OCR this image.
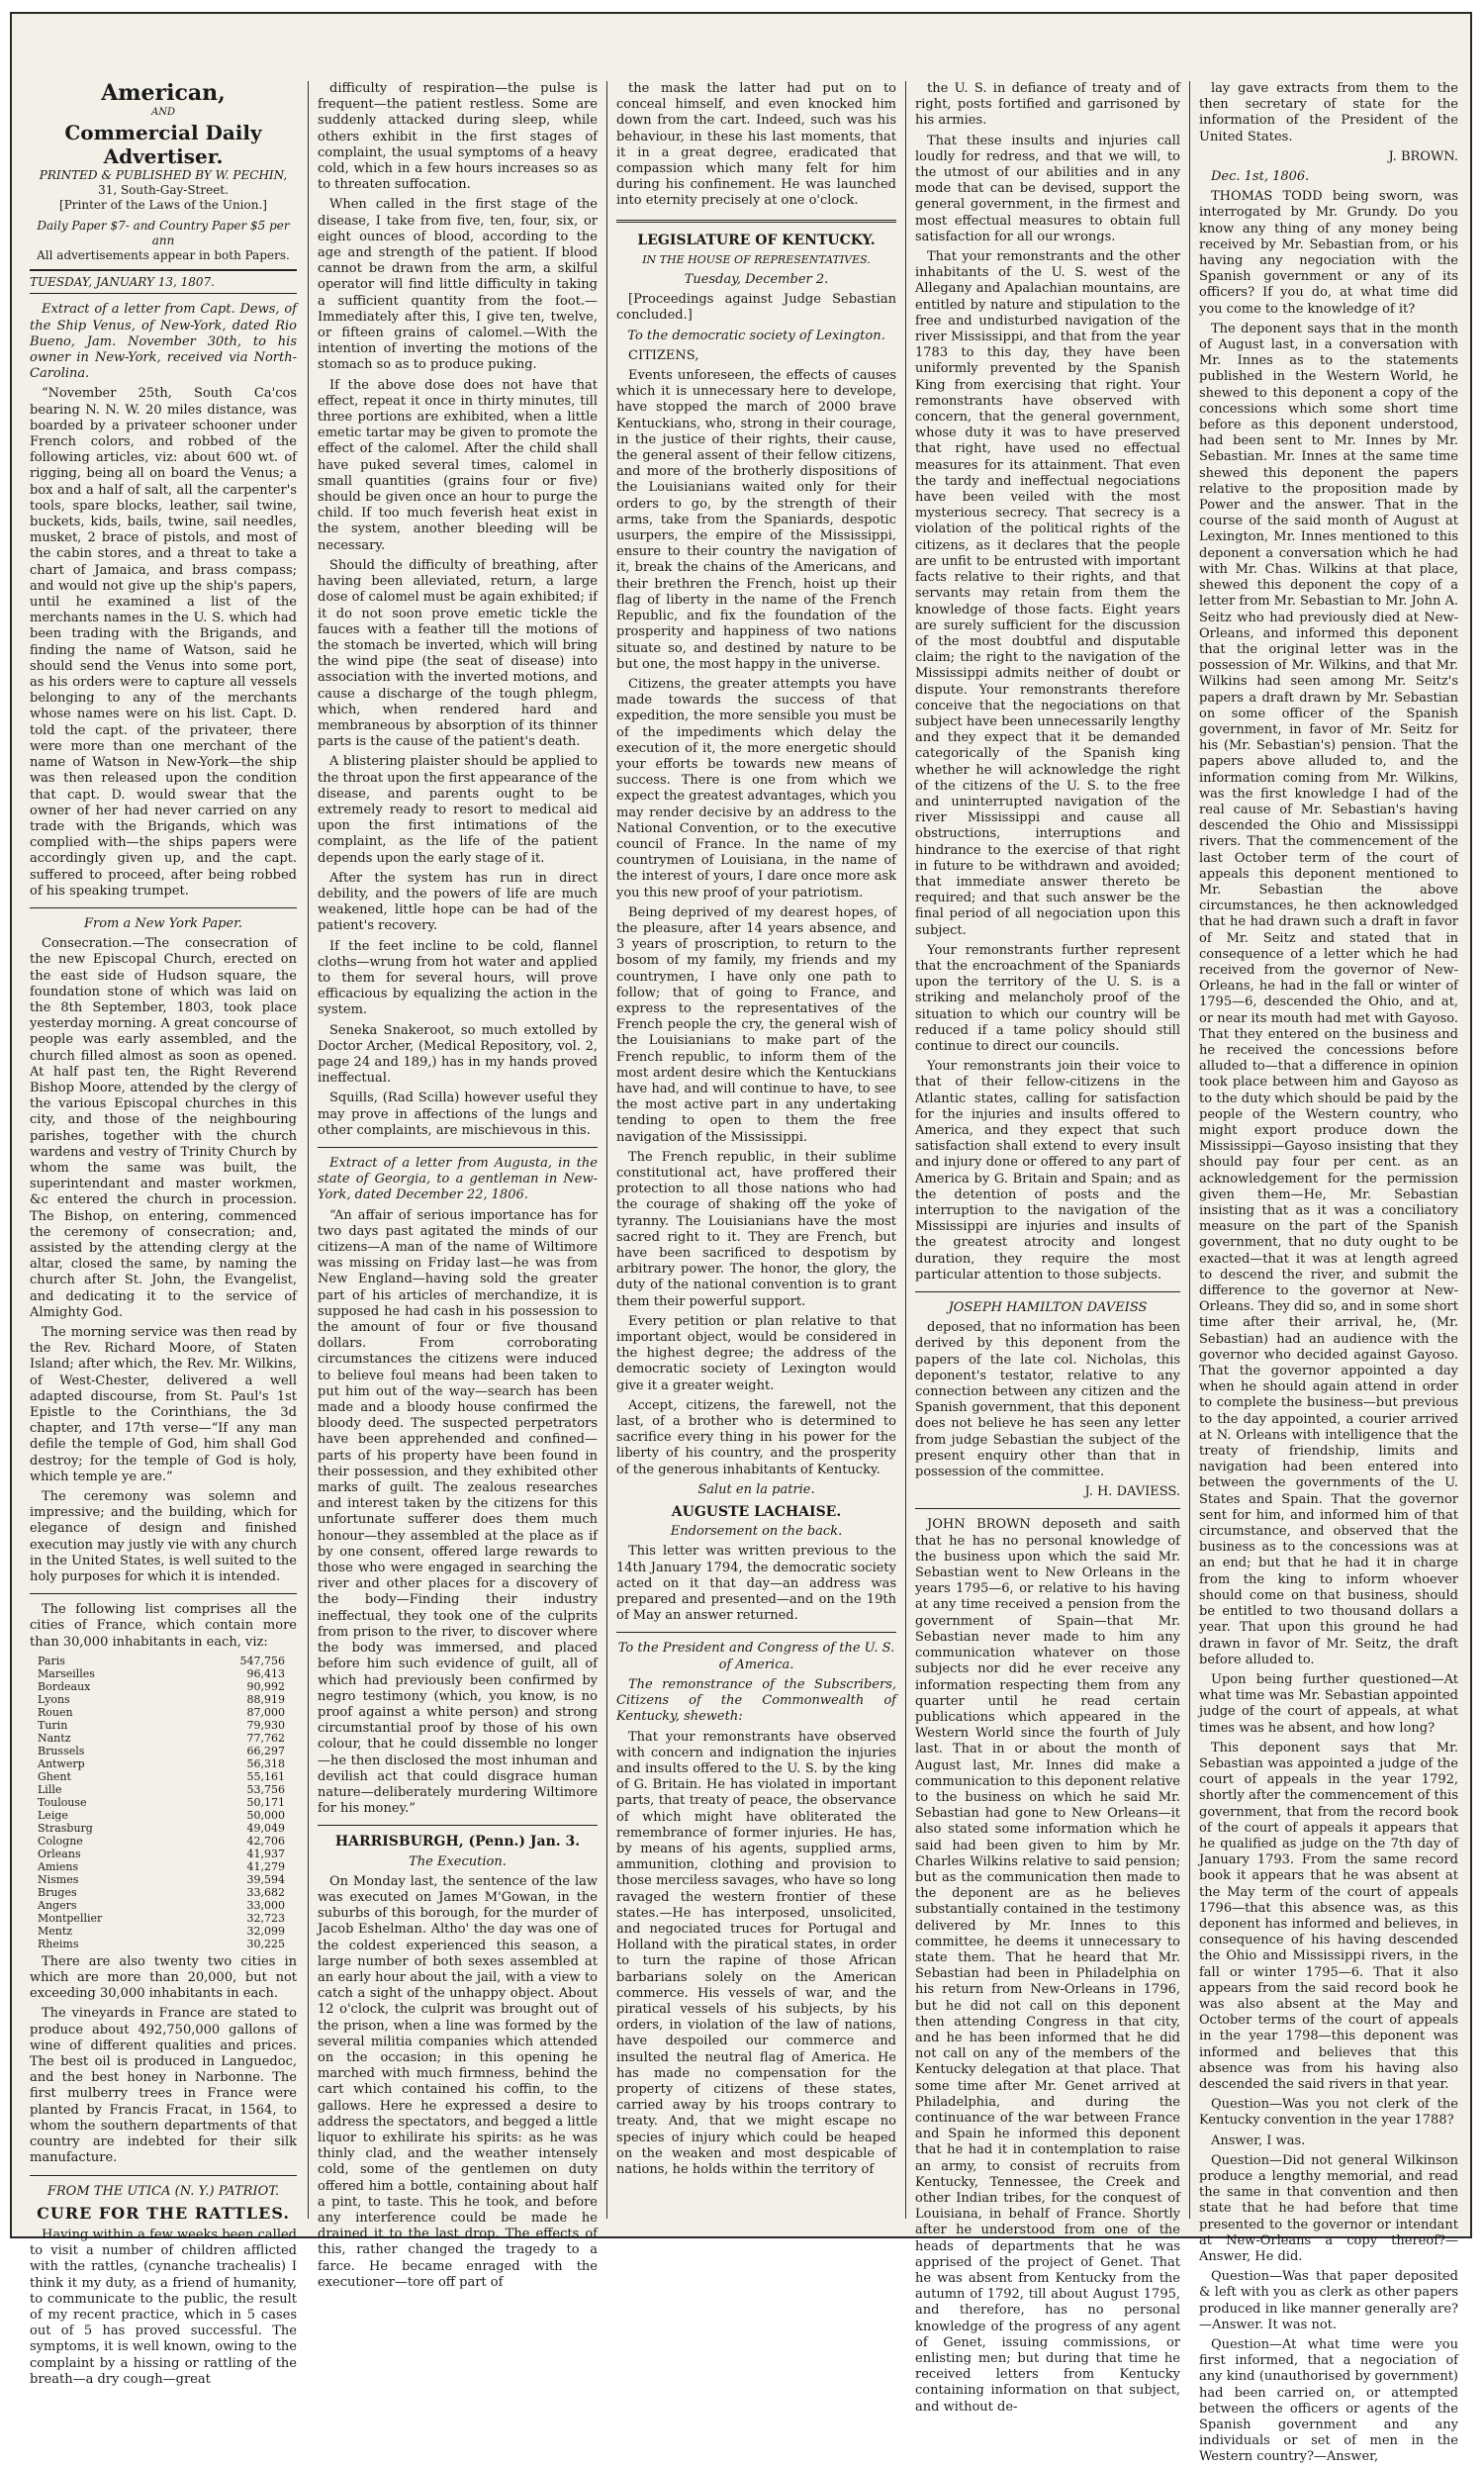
American,
AND
Commercial Daily Advertiser.
PRINTED & PUBLISHED BY W. PECHIN,
31, South-Gay-Street.
[Printer of the Laws of the Union.]
Daily Paper $7- and Country Paper $5 per ann
All advertisements appear in both Papers.
TUESDAY, JANUARY 13, 1807.

Extract of a letter from Capt. Dews, of the Ship Venus, of New-York, dated Rio Bueno, Jam. November 30th, to his owner in New-York, received via North-Carolina.

“November 25th, South Ca'cos bearing N. N. W. 20 miles distance, was boarded by a privateer schooner under French colors, and robbed of the following articles, viz: about 600 wt. of rigging, being all on board the Venus; a box and a half of salt, all the carpenter's tools, spare blocks, leather, sail twine, buckets, kids, bails, twine, sail needles, musket, 2 brace of pistols, and most of the cabin stores, and a threat to take a chart of Jamaica, and brass compass; and would not give up the ship's papers, until he examined a list of the merchants names in the U. S. which had been trading with the Brigands, and finding the name of Watson, said he should send the Venus into some port, as his orders were to capture all vessels belonging to any of the merchants whose names were on his list. Capt. D. told the capt. of the privateer, there were more than one merchant of the name of Watson in New-York—the ship was then released upon the condition that capt. D. would swear that the owner of her had never carried on any trade with the Brigands, which was complied with—the ships papers were accordingly given up, and the capt. suffered to proceed, after being robbed of his speaking trumpet.

From a New York Paper.

Consecration.—The consecration of the new Episcopal Church, erected on the east side of Hudson square, the foundation stone of which was laid on the 8th September, 1803, took place yesterday morning. A great concourse of people was early assembled, and the church filled almost as soon as opened. At half past ten, the Right Reverend Bishop Moore, attended by the clergy of the various Episcopal churches in this city, and those of the neighbouring parishes, together with the church wardens and vestry of Trinity Church by whom the same was built, the superintendant and master workmen, &c entered the church in procession. The Bishop, on entering, commenced the ceremony of consecration; and, assisted by the attending clergy at the altar, closed the same, by naming the church after St. John, the Evangelist, and dedicating it to the service of Almighty God.

The morning service was then read by the Rev. Richard Moore, of Staten Island; after which, the Rev. Mr. Wilkins, of West-Chester, delivered a well adapted discourse, from St. Paul's 1st Epistle to the Corinthians, the 3d chapter, and 17th verse—“If any man defile the temple of God, him shall God destroy; for the temple of God is holy, which temple ye are.”

The ceremony was solemn and impressive; and the building, which for elegance of design and finished execution may justly vie with any church in the United States, is well suited to the holy purposes for which it is intended.

The following list comprises all the cities of France, which contain more than 30,000 inhabitants in each, viz:

Paris	547,756
Marseilles	96,413
Bordeaux	90,992
Lyons	88,919
Rouen	87,000
Turin	79,930
Nantz	77,762
Brussels	66,297
Antwerp	56,318
Ghent	55,161
Lille	53,756
Toulouse	50,171
Leige	50,000
Strasburg	49,049
Cologne	42,706
Orleans	41,937
Amiens	41,279
Nismes	39,594
Bruges	33,682
Angers	33,000
Montpellier	32,723
Mentz	32,099
Rheims	30,225

There are also twenty two cities in which are more than 20,000, but not exceeding 30,000 inhabitants in each.

The vineyards in France are stated to produce about 492,750,000 gallons of wine of different qualities and prices. The best oil is produced in Languedoc, and the best honey in Narbonne. The first mulberry trees in France were planted by Francis Fracat, in 1564, to whom the southern departments of that country are indebted for their silk manufacture.

FROM THE UTICA (N. Y.) PATRIOT.
CURE FOR THE RATTLES.

Having within a few weeks been called to visit a number of children afflicted with the rattles, (cynanche trachealis) I think it my duty, as a friend of humanity, to communicate to the public, the result of my recent practice, which in 5 cases out of 5 has proved successful. The symptoms, it is well known, owing to the complaint by a hissing or rattling of the breath—a dry cough—great

difficulty of respiration—the pulse is frequent—the patient restless. Some are suddenly attacked during sleep, while others exhibit in the first stages of complaint, the usual symptoms of a heavy cold, which in a few hours increases so as to threaten suffocation.

When called in the first stage of the disease, I take from five, ten, four, six, or eight ounces of blood, according to the age and strength of the patient. If blood cannot be drawn from the arm, a skilful operator will find little difficulty in taking a sufficient quantity from the foot.—Immediately after this, I give ten, twelve, or fifteen grains of calomel.—With the intention of inverting the motions of the stomach so as to produce puking.

If the above dose does not have that effect, repeat it once in thirty minutes, till three portions are exhibited, when a little emetic tartar may be given to promote the effect of the calomel. After the child shall have puked several times, calomel in small quantities (grains four or five) should be given once an hour to purge the child. If too much feverish heat exist in the system, another bleeding will be necessary.

Should the difficulty of breathing, after having been alleviated, return, a large dose of calomel must be again exhibited; if it do not soon prove emetic tickle the fauces with a feather till the motions of the stomach be inverted, which will bring the wind pipe (the seat of disease) into association with the inverted motions, and cause a discharge of the tough phlegm, which, when rendered hard and membraneous by absorption of its thinner parts is the cause of the patient's death.

A blistering plaister should be applied to the throat upon the first appearance of the disease, and parents ought to be extremely ready to resort to medical aid upon the first intimations of the complaint, as the life of the patient depends upon the early stage of it.

After the system has run in direct debility, and the powers of life are much weakened, little hope can be had of the patient's recovery.

If the feet incline to be cold, flannel cloths—wrung from hot water and applied to them for several hours, will prove efficacious by equalizing the action in the system.

Seneka Snakeroot, so much extolled by Doctor Archer, (Medical Repository, vol. 2, page 24 and 189,) has in my hands proved ineffectual.

Squills, (Rad Scilla) however useful they may prove in affections of the lungs and other complaints, are mischievous in this.

Extract of a letter from Augusta, in the state of Georgia, to a gentleman in New-York, dated December 22, 1806.

“An affair of serious importance has for two days past agitated the minds of our citizens—A man of the name of Wiltimore was missing on Friday last—he was from New England—having sold the greater part of his articles of merchandize, it is supposed he had cash in his possession to the amount of four or five thousand dollars. From corroborating circumstances the citizens were induced to believe foul means had been taken to put him out of the way—search has been made and a bloody house confirmed the bloody deed. The suspected perpetrators have been apprehended and confined—parts of his property have been found in their possession, and they exhibited other marks of guilt. The zealous researches and interest taken by the citizens for this unfortunate sufferer does them much honour—they assembled at the place as if by one consent, offered large rewards to those who were engaged in searching the river and other places for a discovery of the body—Finding their industry ineffectual, they took one of the culprits from prison to the river, to discover where the body was immersed, and placed before him such evidence of guilt, all of which had previously been confirmed by negro testimony (which, you know, is no proof against a white person) and strong circumstantial proof by those of his own colour, that he could dissemble no longer—he then disclosed the most inhuman and devilish act that could disgrace human nature—deliberately murdering Wiltimore for his money.”

HARRISBURGH, (Penn.) Jan. 3.
The Execution.

On Monday last, the sentence of the law was executed on James M'Gowan, in the suburbs of this borough, for the murder of Jacob Eshelman. Altho' the day was one of the coldest experienced this season, a large number of both sexes assembled at an early hour about the jail, with a view to catch a sight of the unhappy object. About 12 o'clock, the culprit was brought out of the prison, when a line was formed by the several militia companies which attended on the occasion; in this opening he marched with much firmness, behind the cart which contained his coffin, to the gallows. Here he expressed a desire to address the spectators, and begged a little liquor to exhilirate his spirits: as he was thinly clad, and the weather intensely cold, some of the gentlemen on duty offered him a bottle, containing about half a pint, to taste. This he took, and before any interference could be made he drained it to the last drop. The effects of this, rather changed the tragedy to a farce. He became enraged with the executioner—tore off part of

the mask the latter had put on to conceal himself, and even knocked him down from the cart. Indeed, such was his behaviour, in these his last moments, that it in a great degree, eradicated that compassion which many felt for him during his confinement. He was launched into eternity precisely at one o'clock.

LEGISLATURE OF KENTUCKY.
IN THE HOUSE OF REPRESENTATIVES.
Tuesday, December 2.

[Proceedings against Judge Sebastian concluded.]

To the democratic society of Lexington.

CITIZENS,

Events unforeseen, the effects of causes which it is unnecessary here to develope, have stopped the march of 2000 brave Kentuckians, who, strong in their courage, in the justice of their rights, their cause, the general assent of their fellow citizens, and more of the brotherly dispositions of the Louisianians waited only for their orders to go, by the strength of their arms, take from the Spaniards, despotic usurpers, the empire of the Mississippi, ensure to their country the navigation of it, break the chains of the Americans, and their brethren the French, hoist up their flag of liberty in the name of the French Republic, and fix the foundation of the prosperity and happiness of two nations situate so, and destined by nature to be but one, the most happy in the universe.

Citizens, the greater attempts you have made towards the success of that expedition, the more sensible you must be of the impediments which delay the execution of it, the more energetic should your efforts be towards new means of success. There is one from which we expect the greatest advantages, which you may render decisive by an address to the National Convention, or to the executive council of France. In the name of my countrymen of Louisiana, in the name of the interest of yours, I dare once more ask you this new proof of your patriotism.

Being deprived of my dearest hopes, of the pleasure, after 14 years absence, and 3 years of proscription, to return to the bosom of my family, my friends and my countrymen, I have only one path to follow; that of going to France, and express to the representatives of the French people the cry, the general wish of the Louisianians to make part of the French republic, to inform them of the most ardent desire which the Kentuckians have had, and will continue to have, to see the most active part in any undertaking tending to open to them the free navigation of the Mississippi.

The French republic, in their sublime constitutional act, have proffered their protection to all those nations who had the courage of shaking off the yoke of tyranny. The Louisianians have the most sacred right to it. They are French, but have been sacrificed to despotism by arbitrary power. The honor, the glory, the duty of the national convention is to grant them their powerful support.

Every petition or plan relative to that important object, would be considered in the highest degree; the address of the democratic society of Lexington would give it a greater weight.

Accept, citizens, the farewell, not the last, of a brother who is determined to sacrifice every thing in his power for the liberty of his country, and the prosperity of the generous inhabitants of Kentucky.

Salut en la patrie.
AUGUSTE LACHAISE.
Endorsement on the back.

This letter was written previous to the 14th January 1794, the democratic society acted on it that day—an address was prepared and presented—and on the 19th of May an answer returned.

To the President and Congress of the U. S. of America.

The remonstrance of the Subscribers, Citizens of the Commonwealth of Kentucky, sheweth:

That your remonstrants have observed with concern and indignation the injuries and insults offered to the U. S. by the king of G. Britain. He has violated in important parts, that treaty of peace, the observance of which might have obliterated the remembrance of former injuries. He has, by means of his agents, supplied arms, ammunition, clothing and provision to those merciless savages, who have so long ravaged the western frontier of these states.—He has interposed, unsolicited, and negociated truces for Portugal and Holland with the piratical states, in order to turn the rapine of those African barbarians solely on the American commerce. His vessels of war, and the piratical vessels of his subjects, by his orders, in violation of the law of nations, have despoiled our commerce and insulted the neutral flag of America. He has made no compensation for the property of citizens of these states, carried away by his troops contrary to treaty. And, that we might escape no species of injury which could be heaped on the weaken and most despicable of nations, he holds within the territory of

the U. S. in defiance of treaty and of right, posts fortified and garrisoned by his armies.

That these insults and injuries call loudly for redress, and that we will, to the utmost of our abilities and in any mode that can be devised, support the general government, in the firmest and most effectual measures to obtain full satisfaction for all our wrongs.

That your remonstrants and the other inhabitants of the U. S. west of the Allegany and Apalachian mountains, are entitled by nature and stipulation to the free and undisturbed navigation of the river Mississippi, and that from the year 1783 to this day, they have been uniformly prevented by the Spanish King from exercising that right. Your remonstrants have observed with concern, that the general government, whose duty it was to have preserved that right, have used no effectual measures for its attainment. That even the tardy and ineffectual negociations have been veiled with the most mysterious secrecy. That secrecy is a violation of the political rights of the citizens, as it declares that the people are unfit to be entrusted with important facts relative to their rights, and that servants may retain from them the knowledge of those facts. Eight years are surely sufficient for the discussion of the most doubtful and disputable claim; the right to the navigation of the Mississippi admits neither of doubt or dispute. Your remonstrants therefore conceive that the negociations on that subject have been unnecessarily lengthy and they expect that it be demanded categorically of the Spanish king whether he will acknowledge the right of the citizens of the U. S. to the free and uninterrupted navigation of the river Mississippi and cause all obstructions, interruptions and hindrance to the exercise of that right in future to be withdrawn and avoided; that immediate answer thereto be required; and that such answer be the final period of all negociation upon this subject.

Your remonstrants further represent that the encroachment of the Spaniards upon the territory of the U. S. is a striking and melancholy proof of the situation to which our country will be reduced if a tame policy should still continue to direct our councils.

Your remonstrants join their voice to that of their fellow-citizens in the Atlantic states, calling for satisfaction for the injuries and insults offered to America, and they expect that such satisfaction shall extend to every insult and injury done or offered to any part of America by G. Britain and Spain; and as the detention of posts and the interruption to the navigation of the Mississippi are injuries and insults of the greatest atrocity and longest duration, they require the most particular attention to those subjects.

JOSEPH HAMILTON DAVEISS

deposed, that no information has been derived by this deponent from the papers of the late col. Nicholas, this deponent's testator, relative to any connection between any citizen and the Spanish government, that this deponent does not believe he has seen any letter from judge Sebastian the subject of the present enquiry other than that in possession of the committee.

J. H. DAVIESS.

JOHN BROWN deposeth and saith that he has no personal knowledge of the business upon which the said Mr. Sebastian went to New Orleans in the years 1795—6, or relative to his having at any time received a pension from the government of Spain—that Mr. Sebastian never made to him any communication whatever on those subjects nor did he ever receive any information respecting them from any quarter until he read certain publications which appeared in the Western World since the fourth of July last. That in or about the month of August last, Mr. Innes did make a communication to this deponent relative to the business on which he said Mr. Sebastian had gone to New Orleans—it also stated some information which he said had been given to him by Mr. Charles Wilkins relative to said pension; but as the communication then made to the deponent are as he believes substantially contained in the testimony delivered by Mr. Innes to this committee, he deems it unnecessary to state them. That he heard that Mr. Sebastian had been in Philadelphia on his return from New-Orleans in 1796, but he did not call on this deponent then attending Congress in that city, and he has been informed that he did not call on any of the members of the Kentucky delegation at that place. That some time after Mr. Genet arrived at Philadelphia, and during the continuance of the war between France and Spain he informed this deponent that he had it in contemplation to raise an army, to consist of recruits from Kentucky, Tennessee, the Creek and other Indian tribes, for the conquest of Louisiana, in behalf of France. Shortly after he understood from one of the heads of departments that he was apprised of the project of Genet. That he was absent from Kentucky from the autumn of 1792, till about August 1795, and therefore, has no personal knowledge of the progress of any agent of Genet, issuing commissions, or enlisting men; but during that time he received letters from Kentucky containing information on that subject, and without de-

lay gave extracts from them to the then secretary of state for the information of the President of the United States.

J. BROWN.

Dec. 1st, 1806.

THOMAS TODD being sworn, was interrogated by Mr. Grundy. Do you know any thing of any money being received by Mr. Sebastian from, or his having any negociation with the Spanish government or any of its officers? If you do, at what time did you come to the knowledge of it?

The deponent says that in the month of August last, in a conversation with Mr. Innes as to the statements published in the Western World, he shewed to this deponent a copy of the concessions which some short time before as this deponent understood, had been sent to Mr. Innes by Mr. Sebastian. Mr. Innes at the same time shewed this deponent the papers relative to the proposition made by Power and the answer. That in the course of the said month of August at Lexington, Mr. Innes mentioned to this deponent a conversation which he had with Mr. Chas. Wilkins at that place, shewed this deponent the copy of a letter from Mr. Sebastian to Mr. John A. Seitz who had previously died at New-Orleans, and informed this deponent that the original letter was in the possession of Mr. Wilkins, and that Mr. Wilkins had seen among Mr. Seitz's papers a draft drawn by Mr. Sebastian on some officer of the Spanish government, in favor of Mr. Seitz for his (Mr. Sebastian's) pension. That the papers above alluded to, and the information coming from Mr. Wilkins, was the first knowledge I had of the real cause of Mr. Sebastian's having descended the Ohio and Mississippi rivers. That the commencement of the last October term of the court of appeals this deponent mentioned to Mr. Sebastian the above circumstances, he then acknowledged that he had drawn such a draft in favor of Mr. Seitz and stated that in consequence of a letter which he had received from the governor of New-Orleans, he had in the fall or winter of 1795—6, descended the Ohio, and at, or near its mouth had met with Gayoso. That they entered on the business and he received the concessions before alluded to—that a difference in opinion took place between him and Gayoso as to the duty which should be paid by the people of the Western country, who might export produce down the Mississippi—Gayoso insisting that they should pay four per cent. as an acknowledgement for the permission given them—He, Mr. Sebastian insisting that as it was a conciliatory measure on the part of the Spanish government, that no duty ought to be exacted—that it was at length agreed to descend the river, and submit the difference to the governor at New-Orleans. They did so, and in some short time after their arrival, he, (Mr. Sebastian) had an audience with the governor who decided against Gayoso. That the governor appointed a day when he should again attend in order to complete the business—but previous to the day appointed, a courier arrived at N. Orleans with intelligence that the treaty of friendship, limits and navigation had been entered into between the governments of the U. States and Spain. That the governor sent for him, and informed him of that circumstance, and observed that the business as to the concessions was at an end; but that he had it in charge from the king to inform whoever should come on that business, should be entitled to two thousand dollars a year. That upon this ground he had drawn in favor of Mr. Seitz, the draft before alluded to.

Upon being further questioned—At what time was Mr. Sebastian appointed judge of the court of appeals, at what times was he absent, and how long?

This deponent says that Mr. Sebastian was appointed a judge of the court of appeals in the year 1792, shortly after the commencement of this government, that from the record book of the court of appeals it appears that he qualified as judge on the 7th day of January 1793. From the same record book it appears that he was absent at the May term of the court of appeals 1796—that this absence was, as this deponent has informed and believes, in consequence of his having descended the Ohio and Mississippi rivers, in the fall or winter 1795—6. That it also appears from the said record book he was also absent at the May and October terms of the court of appeals in the year 1798—this deponent was informed and believes that this absence was from his having also descended the said rivers in that year.

Question—Was you not clerk of the Kentucky convention in the year 1788?

Answer, I was.

Question—Did not general Wilkinson produce a lengthy memorial, and read the same in that convention and then state that he had before that time presented to the governor or intendant at New-Orleans a copy thereof?—Answer, He did.

Question—Was that paper deposited & left with you as clerk as other papers produced in like manner generally are?—Answer. It was not.

Question—At what time were you first informed, that a negociation of any kind (unauthorised by government) had been carried on, or attempted between the officers or agents of the Spanish government and any individuals or set of men in the Western country?—Answer,
